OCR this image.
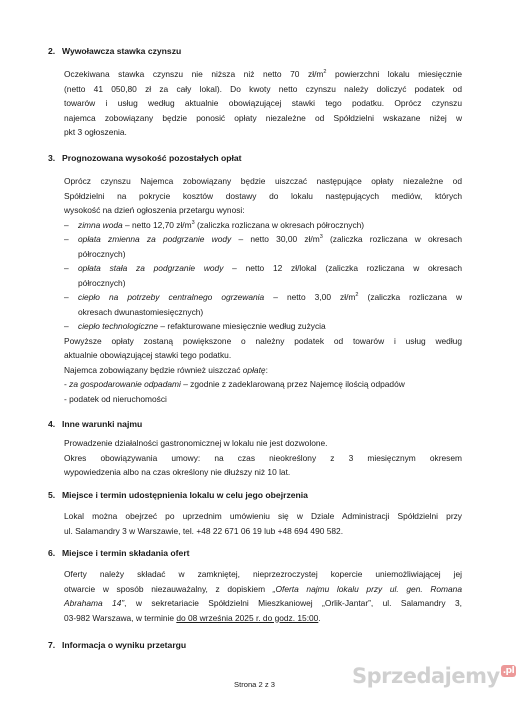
2. Wywoławcza stawka czynszu
Oczekiwana stawka czynszu nie niższa niż netto 70 $zł/m^2$ powierzchni lokalu miesięcznie
(netto 41 050,80 zł za cały lokal). Do kwoty netto czynszu należy doliczyć podatek od
towarów i usług według aktualnie obowiązującej stawki tego podatku. Oprócz czynszu
najemca zobowiązany będzie ponosić opłaty niezależne od Spółdzielni wskazane niżej w
pkt 3 ogłoszenia.
3. Prognozowana wysokość pozostałych opłat
Oprócz czynszu Najemca zobowiązany będzie uiszczać następujące opłaty niezależne od
Spółdzielni na pokrycie kosztów dostawy do lokalu następujących mediów, których
wysokość na dzień ogłoszenia przetargu wynosi:
–	zimna woda – netto 12,70 $zł/m^3$ (zaliczka rozliczana w okresach półrocznych)
–	opłata zmienna za podgrzanie wody – netto 30,00 $zł/m^3$ (zaliczka rozliczana w okresach
półrocznych)
–	opłata stała za podgrzanie wody – netto 12 zł/lokal (zaliczka rozliczana w okresach
półrocznych)
–	ciepło na potrzeby centralnego ogrzewania – netto 3,00 $zł/m^2$ (zaliczka rozliczana w
okresach dwunastomiesięcznych)
–	ciepło technologiczne – refakturowane miesięcznie według zużycia
Powyższe opłaty zostaną powiększone o należny podatek od towarów i usług według
aktualnie obowiązującej stawki tego podatku.
Najemca zobowiązany będzie również uiszczać opłatę:
- za gospodarowanie odpadami – zgodnie z zadeklarowaną przez Najemcę ilością odpadów
- podatek od nieruchomości
4. Inne warunki najmu
Prowadzenie działalności gastronomicznej w lokalu nie jest dozwolone.
Okres obowiązywania umowy: na czas nieokreślony z 3 miesięcznym okresem
wypowiedzenia albo na czas określony nie dłuższy niż 10 lat.
5. Miejsce i termin udostępnienia lokalu w celu jego obejrzenia
Lokal można obejrzeć po uprzednim umówieniu się w Dziale Administracji Spółdzielni przy
ul. Salamandry 3 w Warszawie, tel. +48 22 671 06 19 lub +48 694 490 582.
6. Miejsce i termin składania ofert
Oferty należy składać w zamkniętej, nieprzezroczystej kopercie uniemożliwiającej jej
otwarcie w sposób niezauważalny, z dopiskiem „Oferta najmu lokalu przy ul. gen. Romana
Abrahama 14”, w sekretariacie Spółdzielni Mieszkaniowej „Orlik-Jantar”, ul. Salamandry 3,
03-982 Warszawa, w terminie do 08 września 2025 r. do godz. 15:00.
7. Informacja o wyniku przetargu
Strona 2 z 3	Sprzedajemy .pl
